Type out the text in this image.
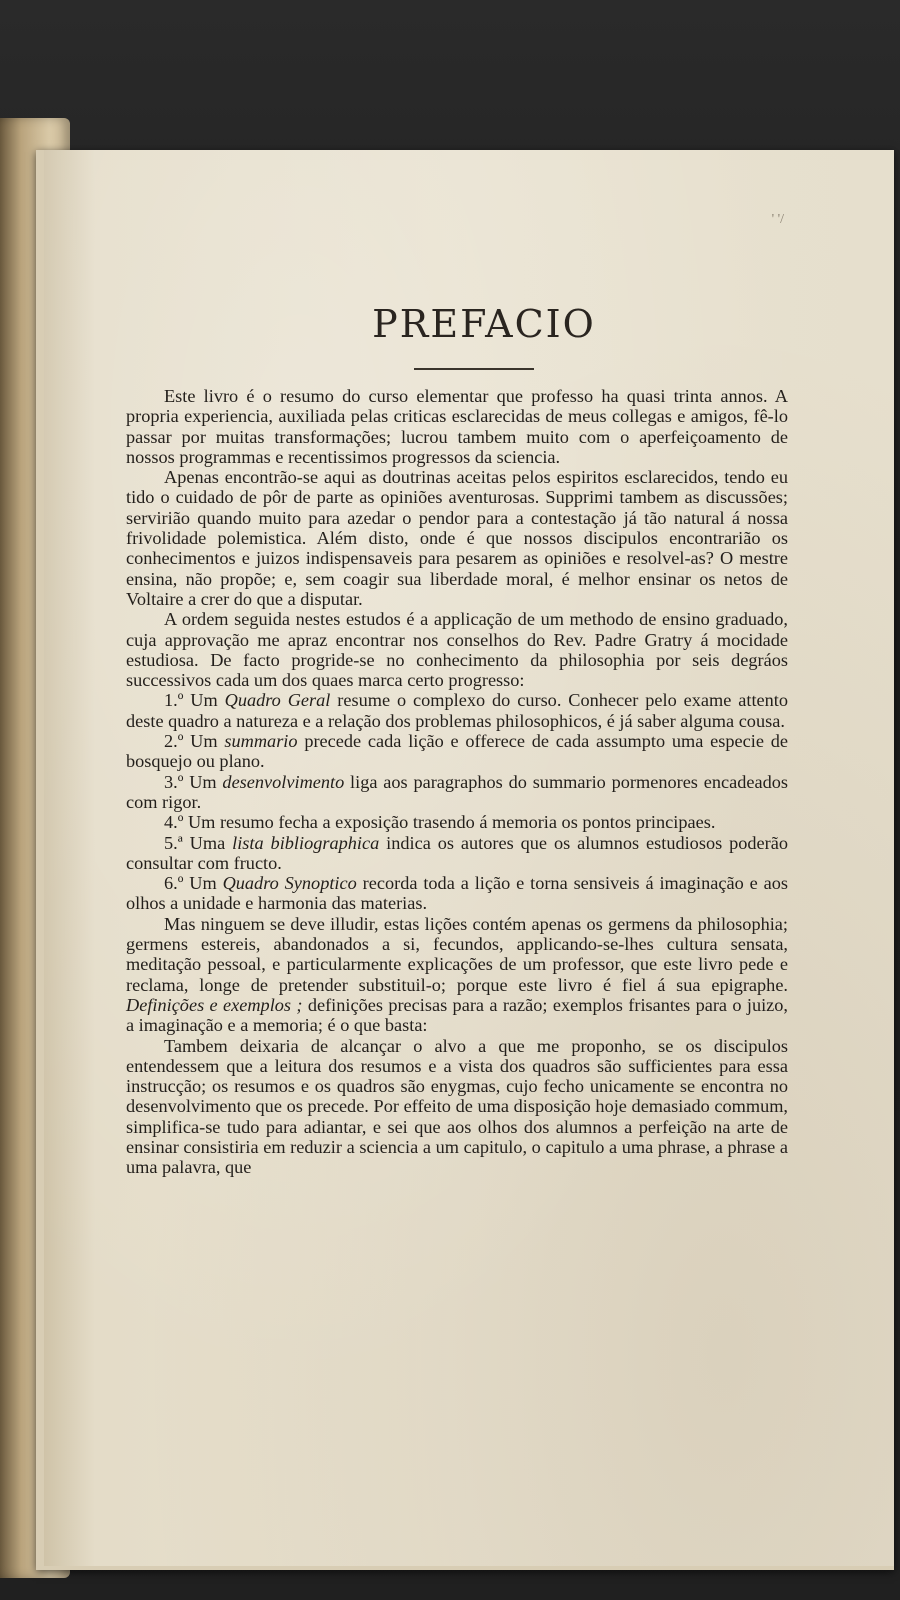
' '/
PREFACIO

Este livro é o resumo do curso elementar que professo ha quasi trinta annos. A propria experiencia, auxiliada pelas criticas esclarecidas de meus collegas e amigos, fê-lo passar por muitas transformações; lucrou tambem muito com o aperfeiçoamento de nossos programmas e recentissimos progressos da sciencia.

Apenas encontrão-se aqui as doutrinas aceitas pelos espiritos esclarecidos, tendo eu tido o cuidado de pôr de parte as opiniões aventurosas. Supprimi tambem as discussões; servirião quando muito para azedar o pendor para a contestação já tão natural á nossa frivolidade polemistica. Além disto, onde é que nossos discipulos encontrarião os conhecimentos e juizos indispensaveis para pesarem as opiniões e resolvel-as? O mestre ensina, não propõe; e, sem coagir sua liberdade moral, é melhor ensinar os netos de Voltaire a crer do que a disputar.

A ordem seguida nestes estudos é a applicação de um methodo de ensino graduado, cuja approvação me apraz encontrar nos conselhos do Rev. Padre Gratry á mocidade estudiosa. De facto progride-se no conhecimento da philosophia por seis degráos successivos cada um dos quaes marca certo progresso:

1.º Um Quadro Geral resume o complexo do curso. Conhecer pelo exame attento deste quadro a natureza e a relação dos problemas philosophicos, é já saber alguma cousa.

2.º Um summario precede cada lição e offerece de cada assumpto uma especie de bosquejo ou plano.

3.º Um desenvolvimento liga aos paragraphos do summario pormenores encadeados com rigor.

4.º Um resumo fecha a exposição trasendo á memoria os pontos principaes.

5.ª Uma lista bibliographica indica os autores que os alumnos estudiosos poderão consultar com fructo.

6.º Um Quadro Synoptico recorda toda a lição e torna sensiveis á imaginação e aos olhos a unidade e harmonia das materias.

Mas ninguem se deve illudir, estas lições contém apenas os germens da philosophia; germens estereis, abandonados a si, fecundos, applicando-se-lhes cultura sensata, meditação pessoal, e particularmente explicações de um professor, que este livro pede e reclama, longe de pretender substituil-o; porque este livro é fiel á sua epigraphe. Definições e exemplos ; definições precisas para a razão; exemplos frisantes para o juizo, a imaginação e a memoria; é o que basta:

Tambem deixaria de alcançar o alvo a que me proponho, se os discipulos entendessem que a leitura dos resumos e a vista dos quadros são sufficientes para essa instrucção; os resumos e os quadros são enygmas, cujo fecho unicamente se encontra no desenvolvimento que os precede. Por effeito de uma disposição hoje demasiado commum, simplifica-se tudo para adiantar, e sei que aos olhos dos alumnos a perfeição na arte de ensinar consistiria em reduzir a sciencia a um capitulo, o capitulo a uma phrase, a phrase a uma palavra, que
